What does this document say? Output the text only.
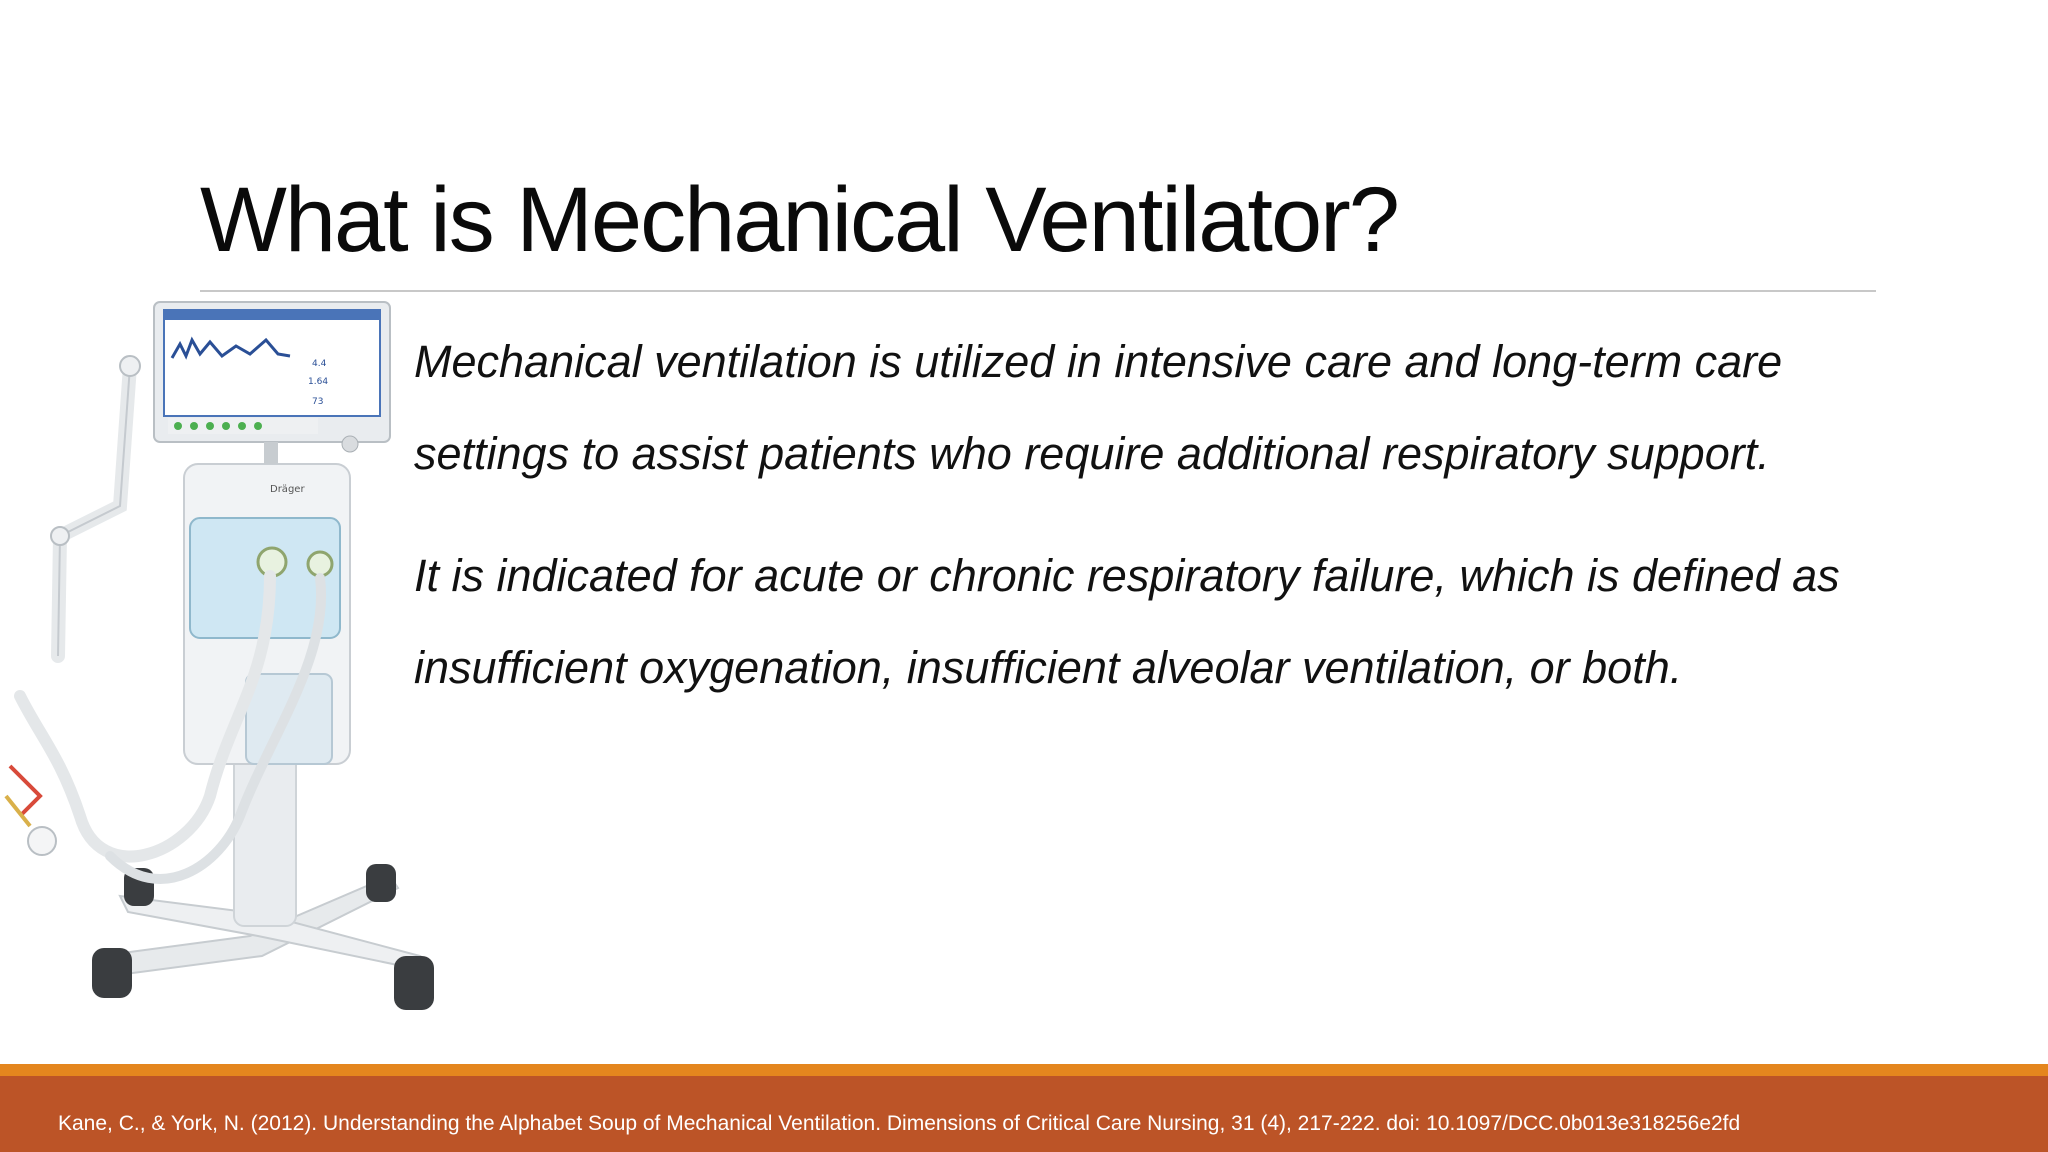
What is Mechanical Ventilator?

Mechanical ventilation is utilized in intensive care and long-term care settings to assist patients who require additional respiratory support.

It is indicated for acute or chronic respiratory failure, which is defined as insufficient oxygenation, insufficient alveolar ventilation, or both.

Dräger
4.4
1.64
73
Kane, C., & York, N. (2012). Understanding the Alphabet Soup of Mechanical Ventilation. Dimensions of Critical Care Nursing, 31 (4), 217-222. doi: 10.1097/DCC.0b013e318256e2fd
